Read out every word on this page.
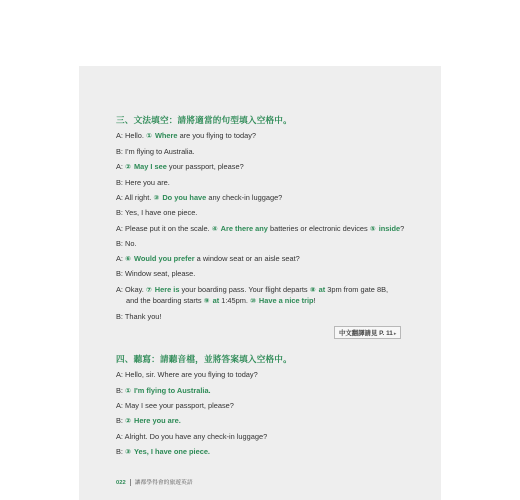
三、文法填空：請將適當的句型填入空格中。
A: Hello. ① Where are you flying to today?
B: I'm flying to Australia.
A: ② May I see your passport, please?
B: Here you are.
A: All right. ③ Do you have any check-in luggage?
B: Yes, I have one piece.
A: Please put it on the scale. ④ Are there any batteries or electronic devices ⑤ inside?
B: No.
A: ⑥ Would you prefer a window seat or an aisle seat?
B: Window seat, please.
A: Okay. ⑦ Here is your boarding pass. Your flight departs ⑧ at 3pm from gate 8B,
and the boarding starts ⑨ at 1:45pm. ⑩ Have a nice trip!
B: Thank you!
中文翻譯請見 P. 11▸
四、聽寫：請聽音檔，並將答案填入空格中。
A: Hello, sir. Where are you flying to today?
B: ① I'm flying to Australia.
A: May I see your passport, please?
B: ② Here you are.
A: Alright. Do you have any check-in luggage?
B: ③ Yes, I have one piece.
022 讓都學得會的旅遊英語
